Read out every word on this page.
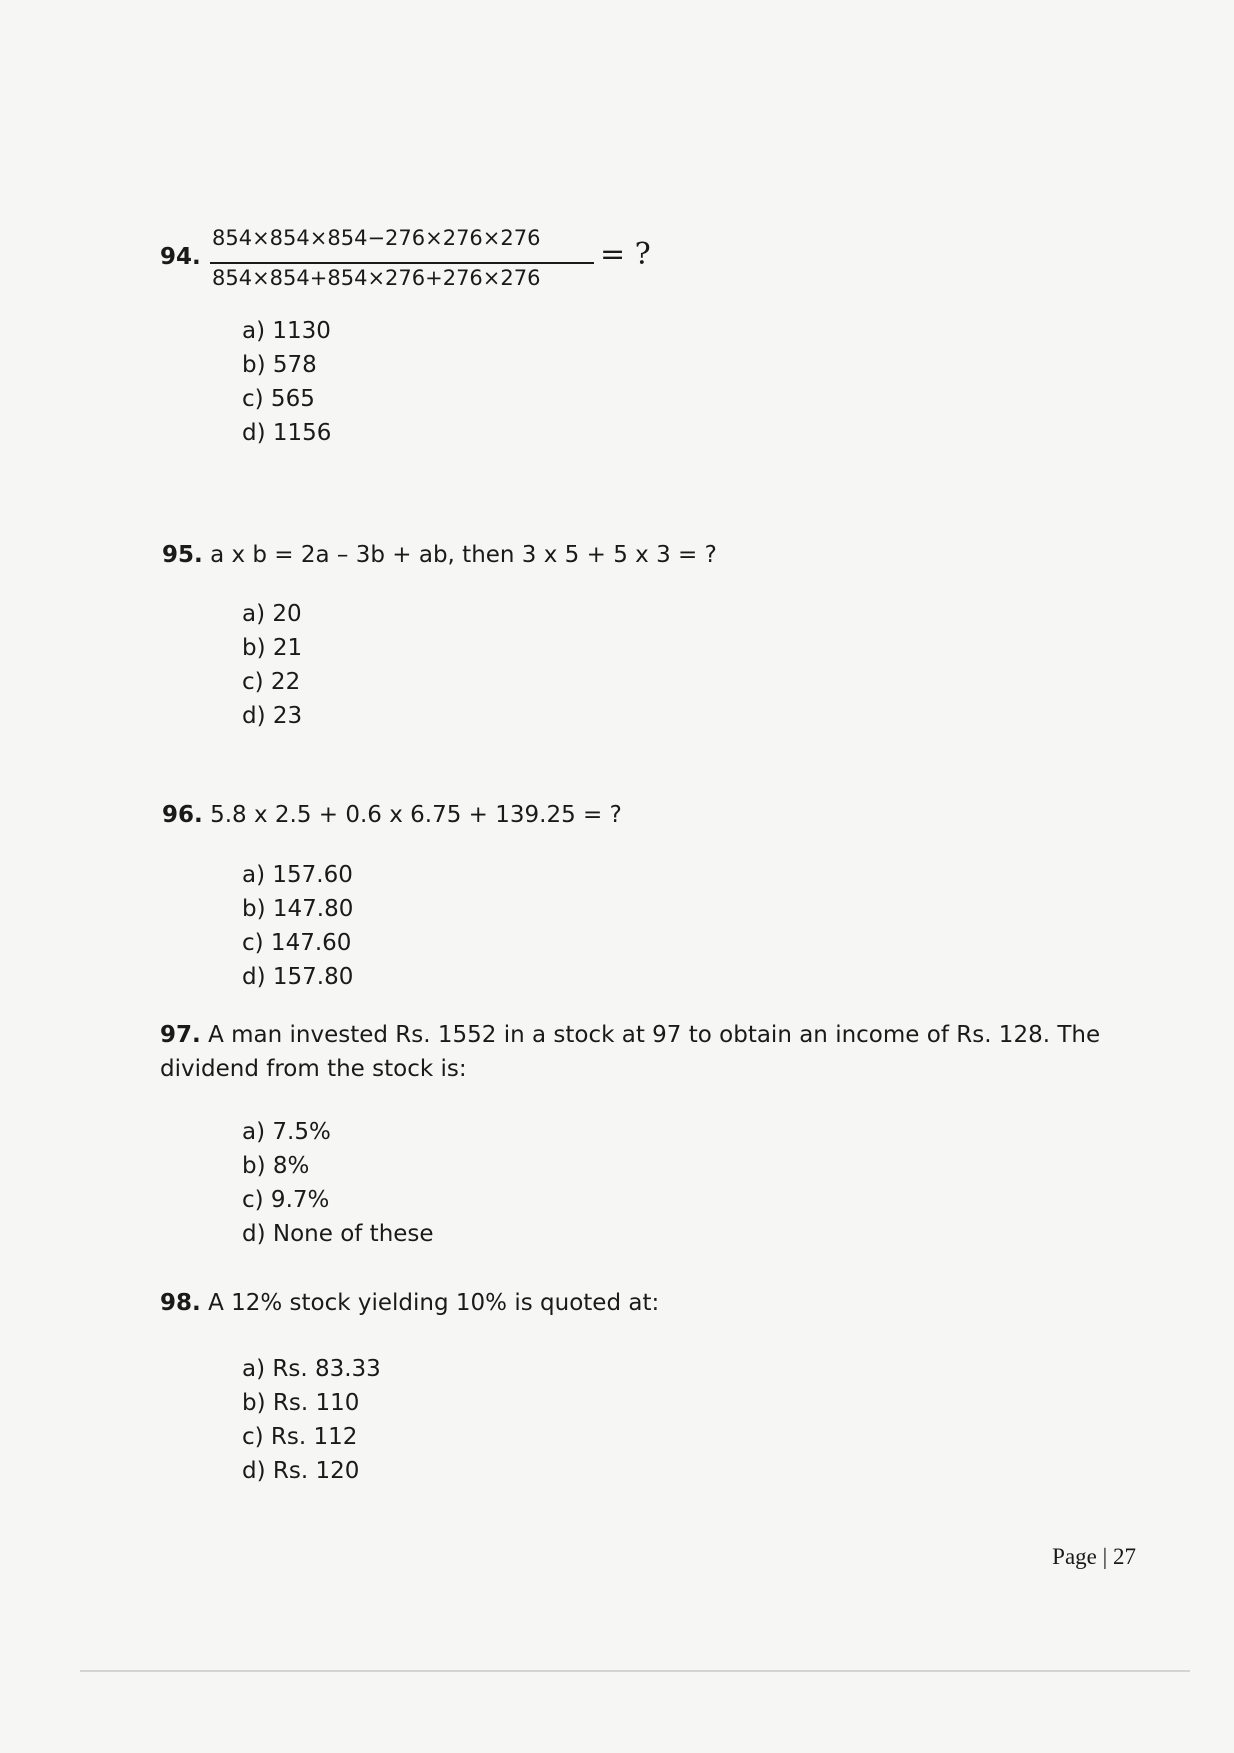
94.
854×854×854−276×276×276
854×854+854×276+276×276
= ?
a) 1130
b) 578
c) 565
d) 1156
95. a x b = 2a – 3b + ab, then 3 x 5 + 5 x 3 = ?
a) 20
b) 21
c) 22
d) 23
96. 5.8 x 2.5 + 0.6 x 6.75 + 139.25 = ?
a) 157.60
b) 147.80
c) 147.60
d) 157.80
97. A man invested Rs. 1552 in a stock at 97 to obtain an income of Rs. 128. The dividend from the stock is:
a) 7.5%
b) 8%
c) 9.7%
d) None of these
98. A 12% stock yielding 10% is quoted at:
a) Rs. 83.33
b) Rs. 110
c) Rs. 112
d) Rs. 120
Page | 27
